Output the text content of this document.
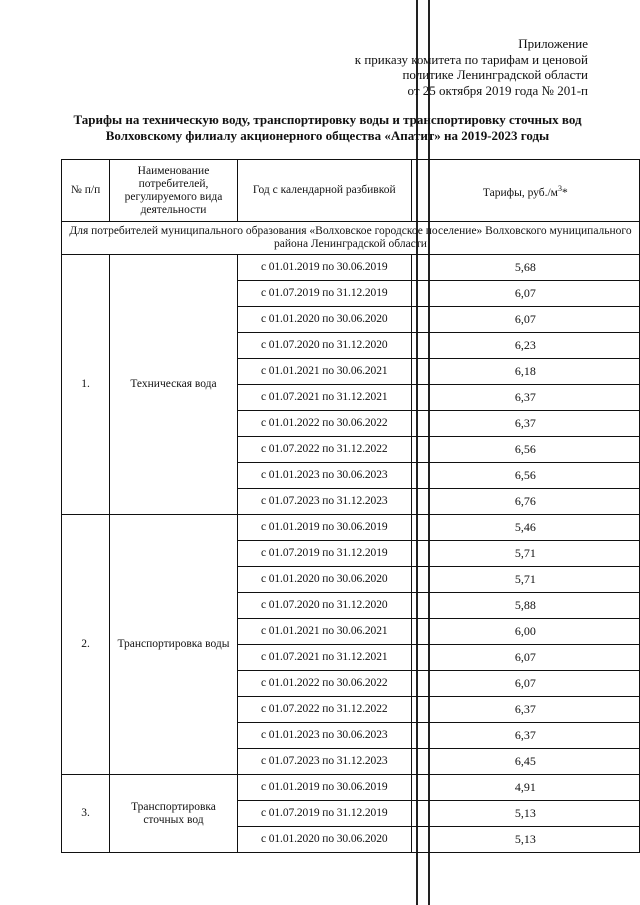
Приложение
к приказу комитета по тарифам и ценовой
политике Ленинградской области
от 25 октября 2019 года № 201-п
Тарифы на техническую воду, транспортировку воды и транспортировку сточных вод
Волховскому филиалу акционерного общества «Апатит» на 2019-2023 годы
№ п/п	Наименование потребителей, регулируемого вида деятельности	Год с календарной разбивкой	Тарифы, $руб./м^3*$
Для потребителей муниципального образования «Волховское городское поселение» Волховского муниципального района Ленинградской области			
1.	Техническая вода	с 01.01.2019 по 30.06.2019	5,68
		с 01.07.2019 по 31.12.2019	6,07
		с 01.01.2020 по 30.06.2020	6,07
		с 01.07.2020 по 31.12.2020	6,23
		с 01.01.2021 по 30.06.2021	6,18
		с 01.07.2021 по 31.12.2021	6,37
		с 01.01.2022 по 30.06.2022	6,37
		с 01.07.2022 по 31.12.2022	6,56
		с 01.01.2023 по 30.06.2023	6,56
		с 01.07.2023 по 31.12.2023	6,76
2.	Транспортировка воды	с 01.01.2019 по 30.06.2019	5,46
		с 01.07.2019 по 31.12.2019	5,71
		с 01.01.2020 по 30.06.2020	5,71
		с 01.07.2020 по 31.12.2020	5,88
		с 01.01.2021 по 30.06.2021	6,00
		с 01.07.2021 по 31.12.2021	6,07
		с 01.01.2022 по 30.06.2022	6,07
		с 01.07.2022 по 31.12.2022	6,37
		с 01.01.2023 по 30.06.2023	6,37
		с 01.07.2023 по 31.12.2023	6,45
3.	Транспортировка сточных вод	с 01.01.2019 по 30.06.2019	4,91
		с 01.07.2019 по 31.12.2019	5,13
		с 01.01.2020 по 30.06.2020	5,13
